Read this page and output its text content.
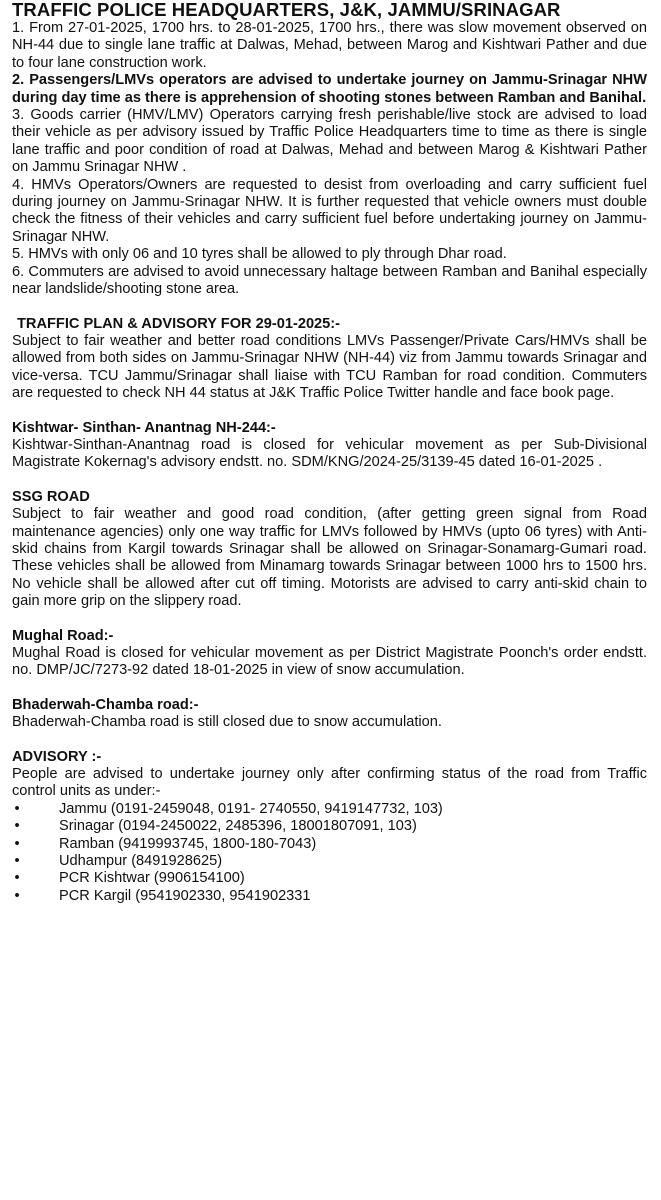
TRAFFIC POLICE HEADQUARTERS, J&K, JAMMU/SRINAGAR

1. From 27-01-2025, 1700 hrs. to 28-01-2025, 1700 hrs., there was slow movement observed on NH-44 due to single lane traffic at Dalwas, Mehad, between Marog and Kishtwari Pather and due to four lane construction work.

2. Passengers/LMVs operators are advised to undertake journey on Jammu-Srinagar NHW during day time as there is apprehension of shooting stones between Ramban and Banihal.

3. Goods carrier (HMV/LMV) Operators carrying fresh perishable/live stock are advised to load their vehicle as per advisory issued by Traffic Police Headquarters time to time as there is single lane traffic and poor condition of road at Dalwas, Mehad and between Marog & Kishtwari Pather on Jammu Srinagar NHW .

4. HMVs Operators/Owners are requested to desist from overloading and carry sufficient fuel during journey on Jammu-Srinagar NHW. It is further requested that vehicle owners must double check the fitness of their vehicles and carry sufficient fuel before undertaking journey on Jammu-Srinagar NHW.

5. HMVs with only 06 and 10 tyres shall be allowed to ply through Dhar road.

6. Commuters are advised to avoid unnecessary haltage between Ramban and Banihal especially near landslide/shooting stone area.

TRAFFIC PLAN & ADVISORY FOR 29-01-2025:-

Subject to fair weather and better road conditions LMVs Passenger/Private Cars/HMVs shall be allowed from both sides on Jammu-Srinagar NHW (NH-44) viz from Jammu towards Srinagar and vice-versa. TCU Jammu/Srinagar shall liaise with TCU Ramban for road condition. Commuters are requested to check NH 44 status at J&K Traffic Police Twitter handle and face book page.

Kishtwar- Sinthan- Anantnag NH-244:-

Kishtwar-Sinthan-Anantnag road is closed for vehicular movement as per Sub-Divisional Magistrate Kokernag's advisory endstt. no. SDM/KNG/2024-25/3139-45 dated 16-01-2025 .

SSG ROAD

Subject to fair weather and good road condition, (after getting green signal from Road maintenance agencies) only one way traffic for LMVs followed by HMVs (upto 06 tyres) with Anti-skid chains from Kargil towards Srinagar shall be allowed on Srinagar-Sonamarg-Gumari road. These vehicles shall be allowed from Minamarg towards Srinagar between 1000 hrs to 1500 hrs. No vehicle shall be allowed after cut off timing. Motorists are advised to carry anti-skid chain to gain more grip on the slippery road.

Mughal Road:-

Mughal Road is closed for vehicular movement as per District Magistrate Poonch's order endstt. no. DMP/JC/7273-92 dated 18-01-2025 in view of snow accumulation.

Bhaderwah-Chamba road:-

Bhaderwah-Chamba road is still closed due to snow accumulation.

ADVISORY :-

People are advised to undertake journey only after confirming status of the road from Traffic control units as under:-

•	Jammu (0191-2459048, 0191- 2740550, 9419147732, 103)
•	Srinagar (0194-2450022, 2485396, 18001807091, 103)
•	Ramban (9419993745, 1800-180-7043)
•	Udhampur (8491928625)
•	PCR Kishtwar (9906154100)
•	PCR Kargil (9541902330, 9541902331
